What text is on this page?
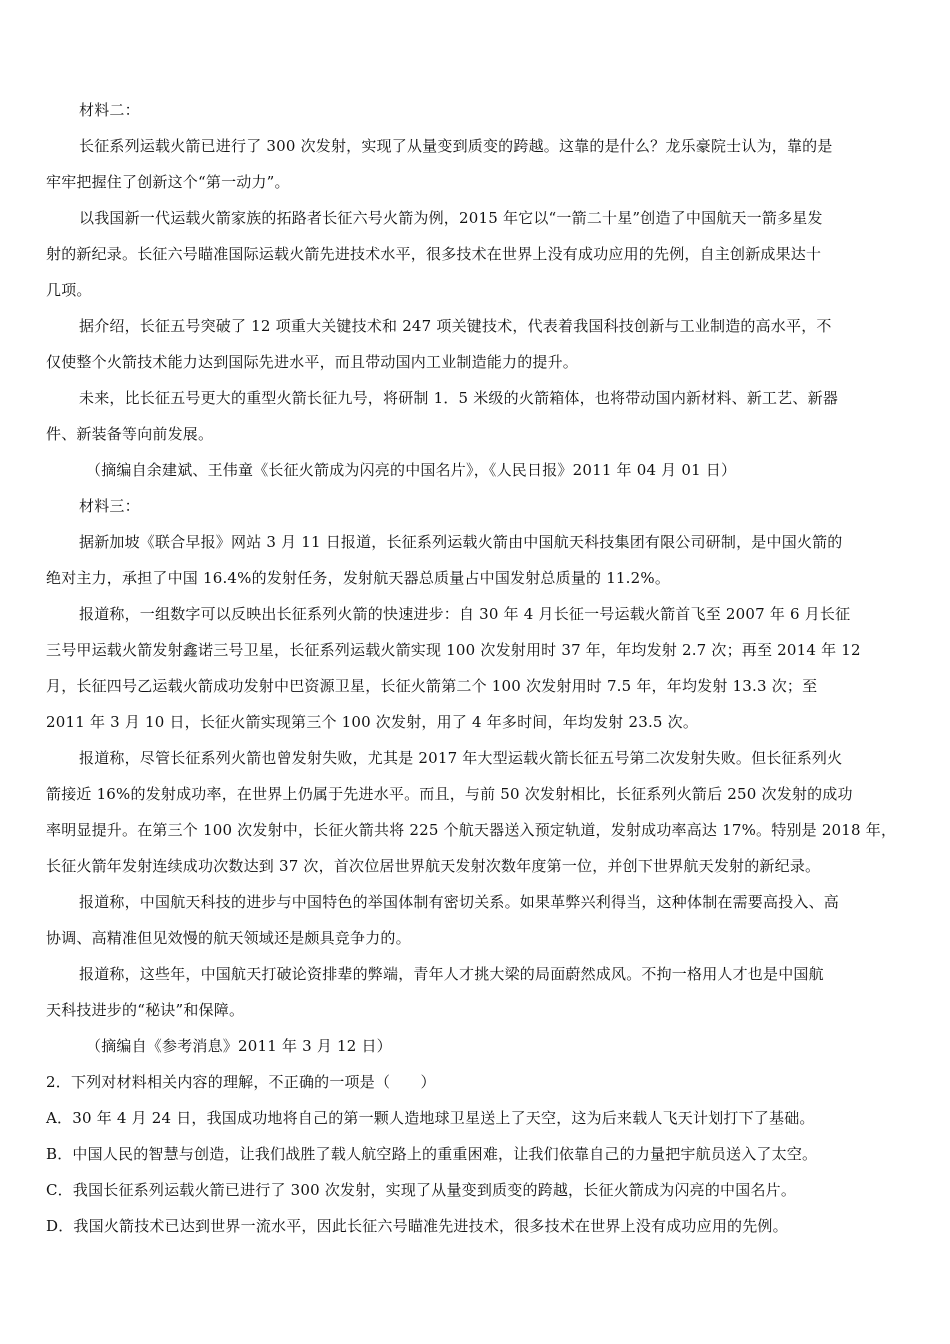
材料二：
长征系列运载火箭已进行了 300 次发射，实现了从量变到质变的跨越。这靠的是什么？龙乐豪院士认为，靠的是
牢牢把握住了创新这个“第一动力”。
以我国新一代运载火箭家族的拓路者长征六号火箭为例，2015 年它以“一箭二十星”创造了中国航天一箭多星发
射的新纪录。长征六号瞄准国际运载火箭先进技术水平，很多技术在世界上没有成功应用的先例，自主创新成果达十
几项。
据介绍，长征五号突破了 12 项重大关键技术和 247 项关键技术，代表着我国科技创新与工业制造的高水平，不
仅使整个火箭技术能力达到国际先进水平，而且带动国内工业制造能力的提升。
未来，比长征五号更大的重型火箭长征九号，将研制 1．5 米级的火箭箱体，也将带动国内新材料、新工艺、新器
件、新装备等向前发展。
（摘编自余建斌、王伟童《长征火箭成为闪亮的中国名片》，《人民日报》2011 年 04 月 01 日）
材料三：
据新加坡《联合早报》网站 3 月 11 日报道，长征系列运载火箭由中国航天科技集团有限公司研制，是中国火箭的
绝对主力，承担了中国 16.4%的发射任务，发射航天器总质量占中国发射总质量的 11.2%。
报道称，一组数字可以反映出长征系列火箭的快速进步：自 30 年 4 月长征一号运载火箭首飞至 2007 年 6 月长征
三号甲运载火箭发射鑫诺三号卫星，长征系列运载火箭实现 100 次发射用时 37 年，年均发射 2.7 次；再至 2014 年 12
月，长征四号乙运载火箭成功发射中巴资源卫星，长征火箭第二个 100 次发射用时 7.5 年，年均发射 13.3 次；至
2011 年 3 月 10 日，长征火箭实现第三个 100 次发射，用了 4 年多时间，年均发射 23.5 次。
报道称，尽管长征系列火箭也曾发射失败，尤其是 2017 年大型运载火箭长征五号第二次发射失败。但长征系列火
箭接近 16%的发射成功率，在世界上仍属于先进水平。而且，与前 50 次发射相比，长征系列火箭后 250 次发射的成功
率明显提升。在第三个 100 次发射中，长征火箭共将 225 个航天器送入预定轨道，发射成功率高达 17%。特别是 2018 年，
长征火箭年发射连续成功次数达到 37 次，首次位居世界航天发射次数年度第一位，并创下世界航天发射的新纪录。
报道称，中国航天科技的进步与中国特色的举国体制有密切关系。如果革弊兴利得当，这种体制在需要高投入、高
协调、高精准但见效慢的航天领域还是颇具竞争力的。
报道称，这些年，中国航天打破论资排辈的弊端，青年人才挑大梁的局面蔚然成风。不拘一格用人才也是中国航
天科技进步的“秘诀”和保障。
（摘编自《参考消息》2011 年 3 月 12 日）
2．下列对材料相关内容的理解，不正确的一项是（　　）
A．30 年 4 月 24 日，我国成功地将自己的第一颗人造地球卫星送上了天空，这为后来载人飞天计划打下了基础。
B．中国人民的智慧与创造，让我们战胜了载人航空路上的重重困难，让我们依靠自己的力量把宇航员送入了太空。
C．我国长征系列运载火箭已进行了 300 次发射，实现了从量变到质变的跨越，长征火箭成为闪亮的中国名片。
D．我国火箭技术已达到世界一流水平，因此长征六号瞄准先进技术，很多技术在世界上没有成功应用的先例。
